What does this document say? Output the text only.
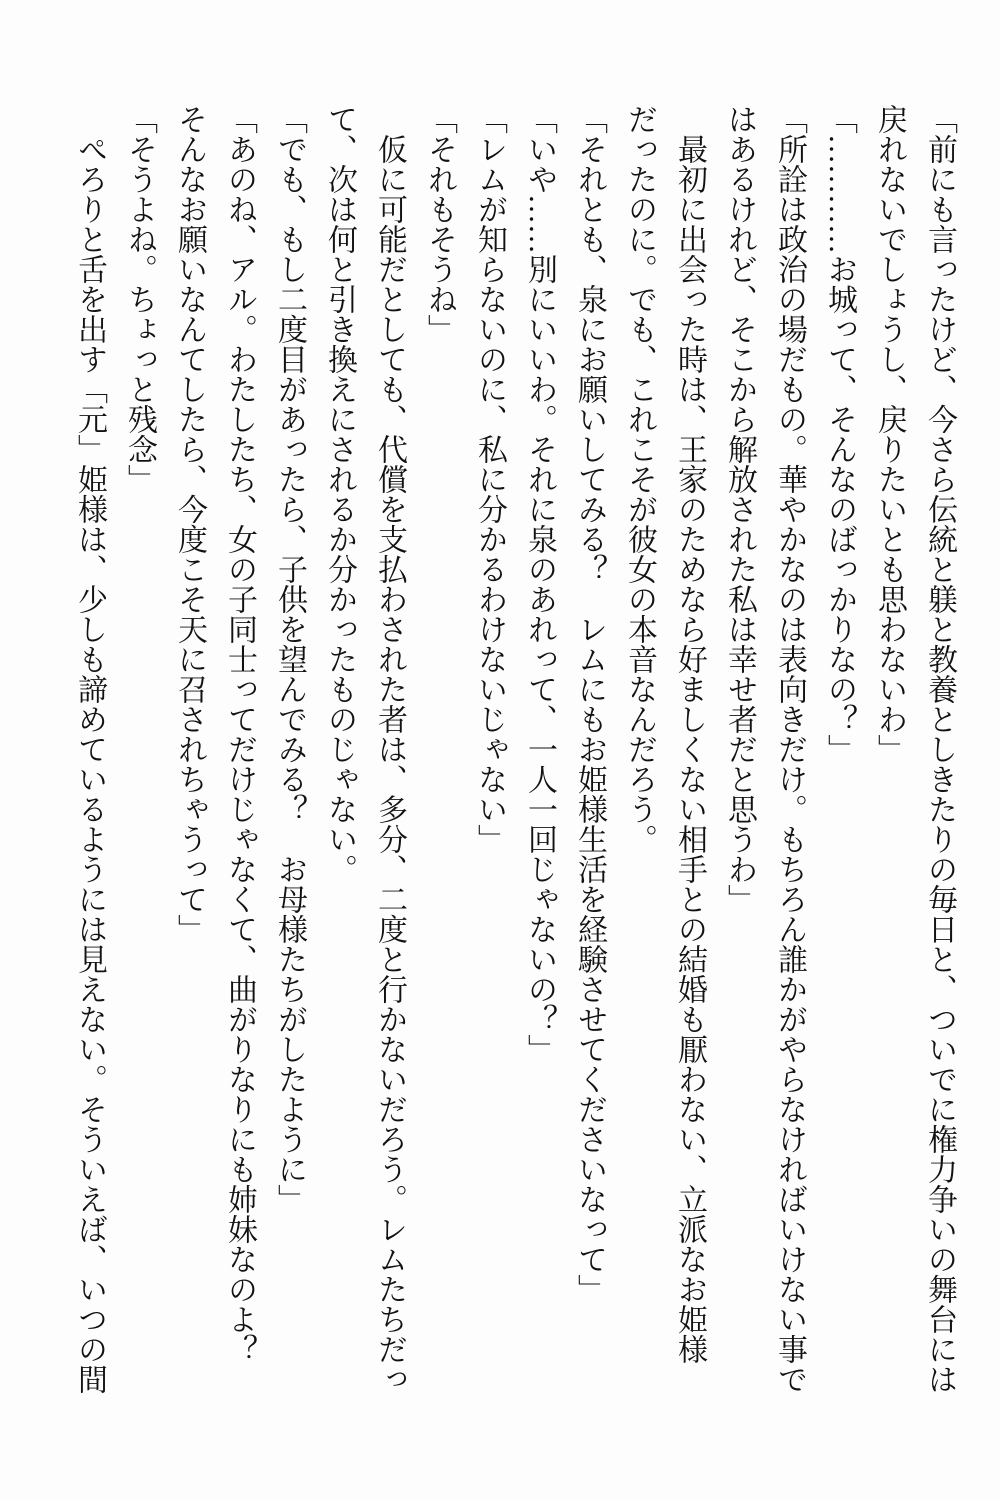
「前にも言ったけど、今さら伝統と躾と教養としきたりの毎日と、ついでに権力争いの舞台には
戻れないでしょうし、戻りたいとも思わないわ」
「…………お城って、そんなのばっかりなの？」
「所詮は政治の場だもの。華やかなのは表向きだけ。もちろん誰かがやらなければいけない事で
はあるけれど、そこから解放された私は幸せ者だと思うわ」
最初に出会った時は、王家のためなら好ましくない相手との結婚も厭わない、立派なお姫様
だったのに。でも、これこそが彼女の本音なんだろう。
「それとも、泉にお願いしてみる？　レムにもお姫様生活を経験させてくださいなって」
「いや……別にいいわ。それに泉のあれって、一人一回じゃないの？」
「レムが知らないのに、私に分かるわけないじゃない」
「それもそうね」
仮に可能だとしても、代償を支払わされた者は、多分、二度と行かないだろう。レムたちだっ
て、次は何と引き換えにされるか分かったものじゃない。
「でも、もし二度目があったら、子供を望んでみる？　お母様たちがしたように」
「あのね、アル。わたしたち、女の子同士ってだけじゃなくて、曲がりなりにも姉妹なのよ？
そんなお願いなんてしたら、今度こそ天に召されちゃうって」
「そうよね。ちょっと残念」
ぺろりと舌を出す「元」姫様は、少しも諦めているようには見えない。そういえば、いつの間
